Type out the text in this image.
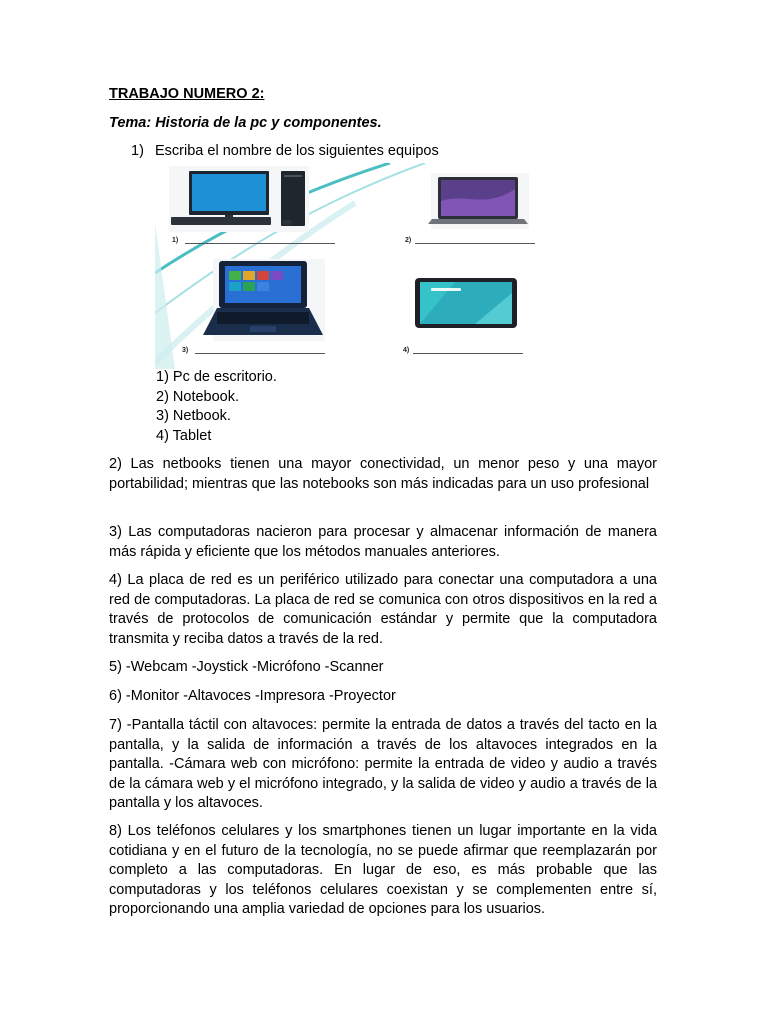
TRABAJO NUMERO 2:
Tema: Historia de la pc y componentes.
1) Escriba el nombre de los siguientes equipos
1)	2)
3)	4)
1) Pc de escritorio.
2) Notebook.
3) Netbook.
4) Tablet
2) Las netbooks tienen una mayor conectividad, un menor peso y una mayor portabilidad; mientras que las notebooks son más indicadas para un uso profesional
3) Las computadoras nacieron para procesar y almacenar información de manera más rápida y eficiente que los métodos manuales anteriores.
4) La placa de red es un periférico utilizado para conectar una computadora a una red de computadoras. La placa de red se comunica con otros dispositivos en la red a través de protocolos de comunicación estándar y permite que la computadora transmita y reciba datos a través de la red.
5) -Webcam -Joystick -Micrófono -Scanner
6) -Monitor -Altavoces -Impresora -Proyector
7) -Pantalla táctil con altavoces: permite la entrada de datos a través del tacto en la pantalla, y la salida de información a través de los altavoces integrados en la pantalla. -Cámara web con micrófono: permite la entrada de video y audio a través de la cámara web y el micrófono integrado, y la salida de video y audio a través de la pantalla y los altavoces.
8) Los teléfonos celulares y los smartphones tienen un lugar importante en la vida cotidiana y en el futuro de la tecnología, no se puede afirmar que reemplazarán por completo a las computadoras. En lugar de eso, es más probable que las computadoras y los teléfonos celulares coexistan y se complementen entre sí, proporcionando una amplia variedad de opciones para los usuarios.
